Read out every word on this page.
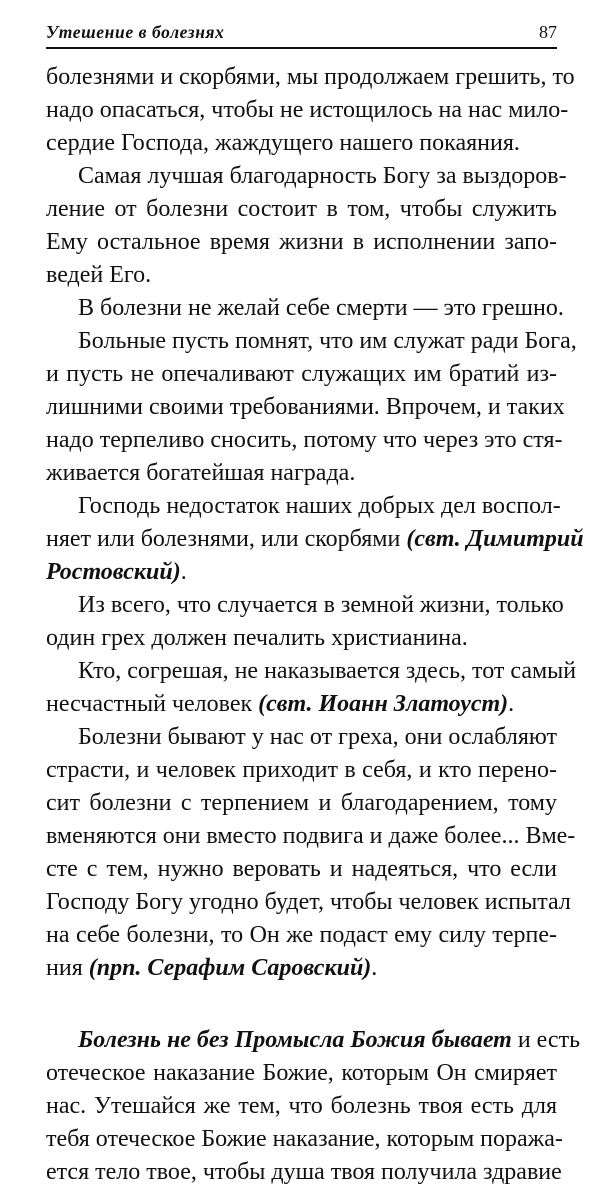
Утешение в болезнях	87
болезнями и скорбями, мы продолжаем грешить, то
надо опасаться, чтобы не истощилось на нас мило-
сердие Господа, жаждущего нашего покаяния.
Самая лучшая благодарность Богу за выздоров-
ление от болезни состоит в том, чтобы служить
Ему остальное время жизни в исполнении запо-
ведей Его.
В болезни не желай себе смерти — это грешно.
Больные пусть помнят, что им служат ради Бога,
и пусть не опечаливают служащих им братий из-
лишними своими требованиями. Впрочем, и таких
надо терпеливо сносить, потому что через это стя-
живается богатейшая награда.
Господь недостаток наших добрых дел воспол-
няет или болезнями, или скорбями (свт. Димитрий
Ростовский).
Из всего, что случается в земной жизни, только
один грех должен печалить христианина.
Кто, согрешая, не наказывается здесь, тот самый
несчастный человек (свт. Иоанн Златоуст).
Болезни бывают у нас от греха, они ослабляют
страсти, и человек приходит в себя, и кто перено-
сит болезни с терпением и благодарением, тому
вменяются они вместо подвига и даже более... Вме-
сте с тем, нужно веровать и надеяться, что если
Господу Богу угодно будет, чтобы человек испытал
на себе болезни, то Он же подаст ему силу терпе-
ния (прп. Серафим Саровский).
Болезнь не без Промысла Божия бывает и есть
отеческое наказание Божие, которым Он смиряет
нас. Утешайся же тем, что болезнь твоя есть для
тебя отеческое Божие наказание, которым поража-
ется тело твое, чтобы душа твоя получила здравие
